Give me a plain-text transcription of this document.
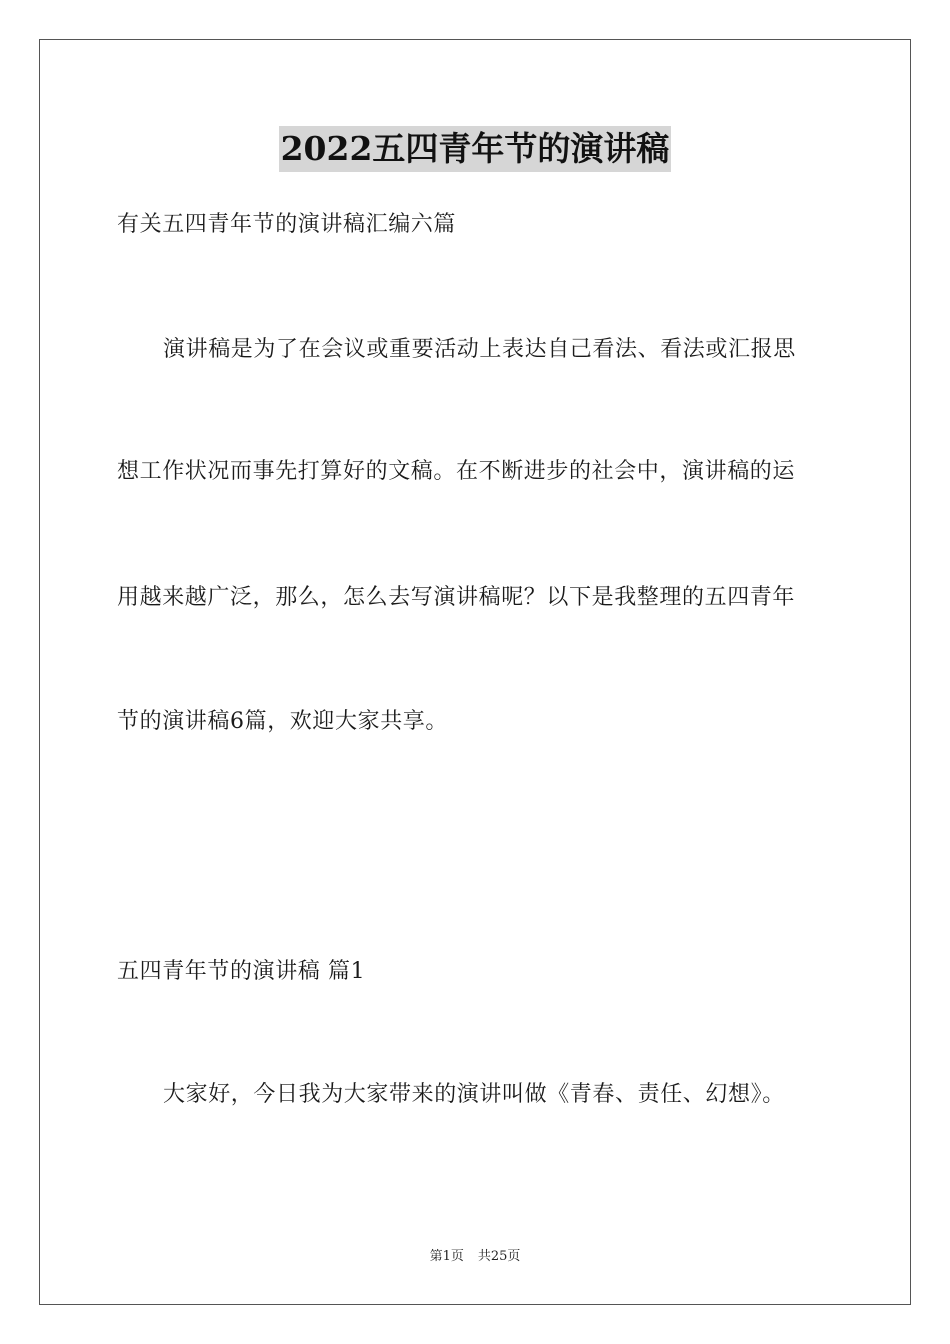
2022五四青年节的演讲稿
有关五四青年节的演讲稿汇编六篇
演讲稿是为了在会议或重要活动上表达自己看法、看法或汇报思
想工作状况而事先打算好的文稿。在不断进步的社会中，演讲稿的运
用越来越广泛，那么，怎么去写演讲稿呢？以下是我整理的五四青年
节的演讲稿6篇，欢迎大家共享。
五四青年节的演讲稿 篇1
大家好，今日我为大家带来的演讲叫做《青春、责任、幻想》。
第1页 共25页
